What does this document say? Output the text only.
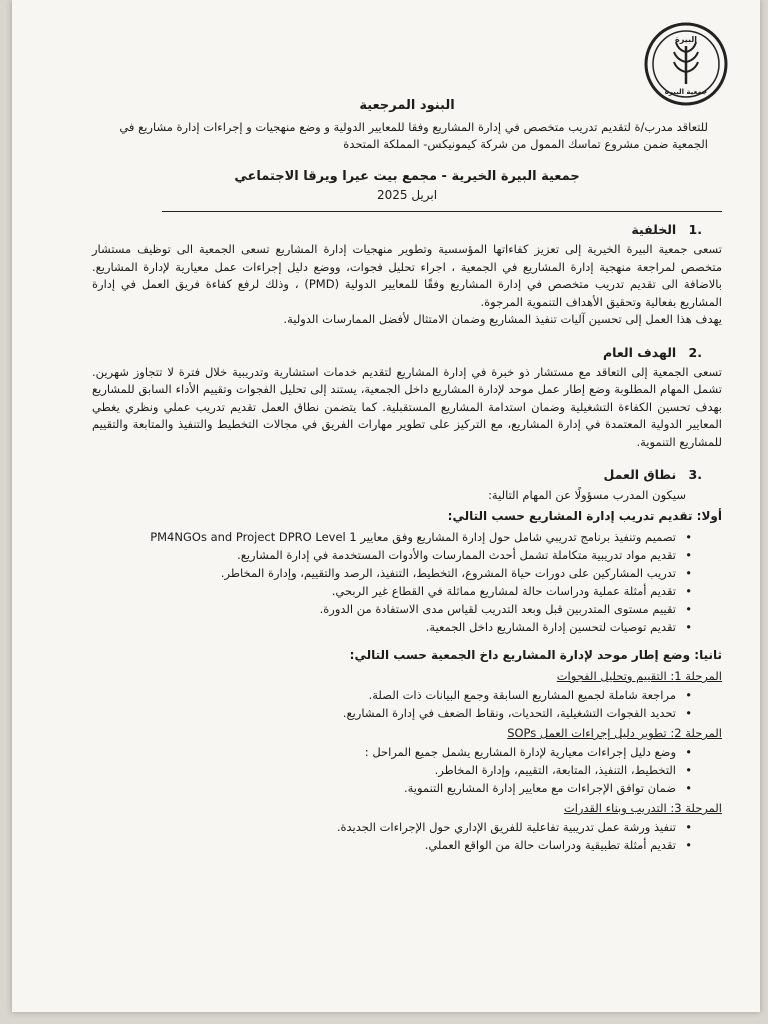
البيرة
جمعية البيرة

البنود المرجعية

للتعاقد مدرب/ة لتقديم تدريب متخصص في إدارة المشاريع وفقا للمعايير الدولية و وضع منهجيات و إجراءات إدارة مشاريع في الجمعية ضمن مشروع تماسك الممول من شركة كيمونيكس- المملكة المتحدة

جمعية البيرة الخيرية - مجمع بيت عيرا ويرقا الاجتماعي

ابريل 2025

.1 الخلفية

تسعى جمعية البيرة الخيرية إلى تعزيز كفاءاتها المؤسسية وتطوير منهجيات إدارة المشاريع تسعى الجمعية الى توظيف مستشار متخصص لمراجعة منهجية إدارة المشاريع في الجمعية ، اجراء تحليل فجوات، ووضع دليل إجراءات عمل معيارية لإدارة المشاريع. بالاضافة الى تقديم تدريب متخصص في إدارة المشاريع وفقًا للمعايير الدولية (PMD) ، وذلك لرفع كفاءة فريق العمل في إدارة المشاريع بفعالية وتحقيق الأهداف التنموية المرجوة.

يهدف هذا العمل إلى تحسين آليات تنفيذ المشاريع وضمان الامتثال لأفضل الممارسات الدولية.

.2 الهدف العام

تسعى الجمعية إلى التعاقد مع مستشار ذو خبرة في إدارة المشاريع لتقديم خدمات استشارية وتدريبية خلال فترة لا تتجاوز شهرين. تشمل المهام المطلوبة وضع إطار عمل موحد لإدارة المشاريع داخل الجمعية، يستند إلى تحليل الفجوات وتقييم الأداء السابق للمشاريع بهدف تحسين الكفاءة التشغيلية وضمان استدامة المشاريع المستقبلية. كما يتضمن نطاق العمل تقديم تدريب عملي ونظري يغطي المعايير الدولية المعتمدة في إدارة المشاريع، مع التركيز على تطوير مهارات الفريق في مجالات التخطيط والتنفيذ والمتابعة والتقييم للمشاريع التنموية.

.3 نطاق العمل

سيكون المدرب مسؤولًا عن المهام التالية:

أولا: تقديم تدريب إدارة المشاريع حسب التالي:

•
تصميم وتنفيذ برنامج تدريبي شامل حول إدارة المشاريع وفق معايير PM4NGOs and Project DPRO Level 1
•
تقديم مواد تدريبية متكاملة تشمل أحدث الممارسات والأدوات المستخدمة في إدارة المشاريع.
•
تدريب المشاركين على دورات حياة المشروع، التخطيط، التنفيذ، الرصد والتقييم، وإدارة المخاطر.
•
تقديم أمثلة عملية ودراسات حالة لمشاريع مماثلة في القطاع غير الربحي.
•
تقييم مستوى المتدربين قبل وبعد التدريب لقياس مدى الاستفادة من الدورة.
•
تقديم توصيات لتحسين إدارة المشاريع داخل الجمعية.

ثانيا: وضع إطار موحد لإدارة المشاريع داخ الجمعية حسب التالي:

المرحلة 1: التقييم وتحليل الفجوات

•
مراجعة شاملة لجميع المشاريع السابقة وجمع البيانات ذات الصلة.
•
تحديد الفجوات التشغيلية، التحديات، ونقاط الضعف في إدارة المشاريع.

المرحلة 2: تطوير دليل إجراءات العمل SOPs

•
وضع دليل إجراءات معيارية لإدارة المشاريع يشمل جميع المراحل :
•
التخطيط، التنفيذ، المتابعة، التقييم، وإدارة المخاطر.
•
ضمان توافق الإجراءات مع معايير إدارة المشاريع التنموية.

المرحلة 3: التدريب وبناء القدرات

•
تنفيذ ورشة عمل تدريبية تفاعلية للفريق الإداري حول الإجراءات الجديدة.
•
تقديم أمثلة تطبيقية ودراسات حالة من الواقع العملي.
